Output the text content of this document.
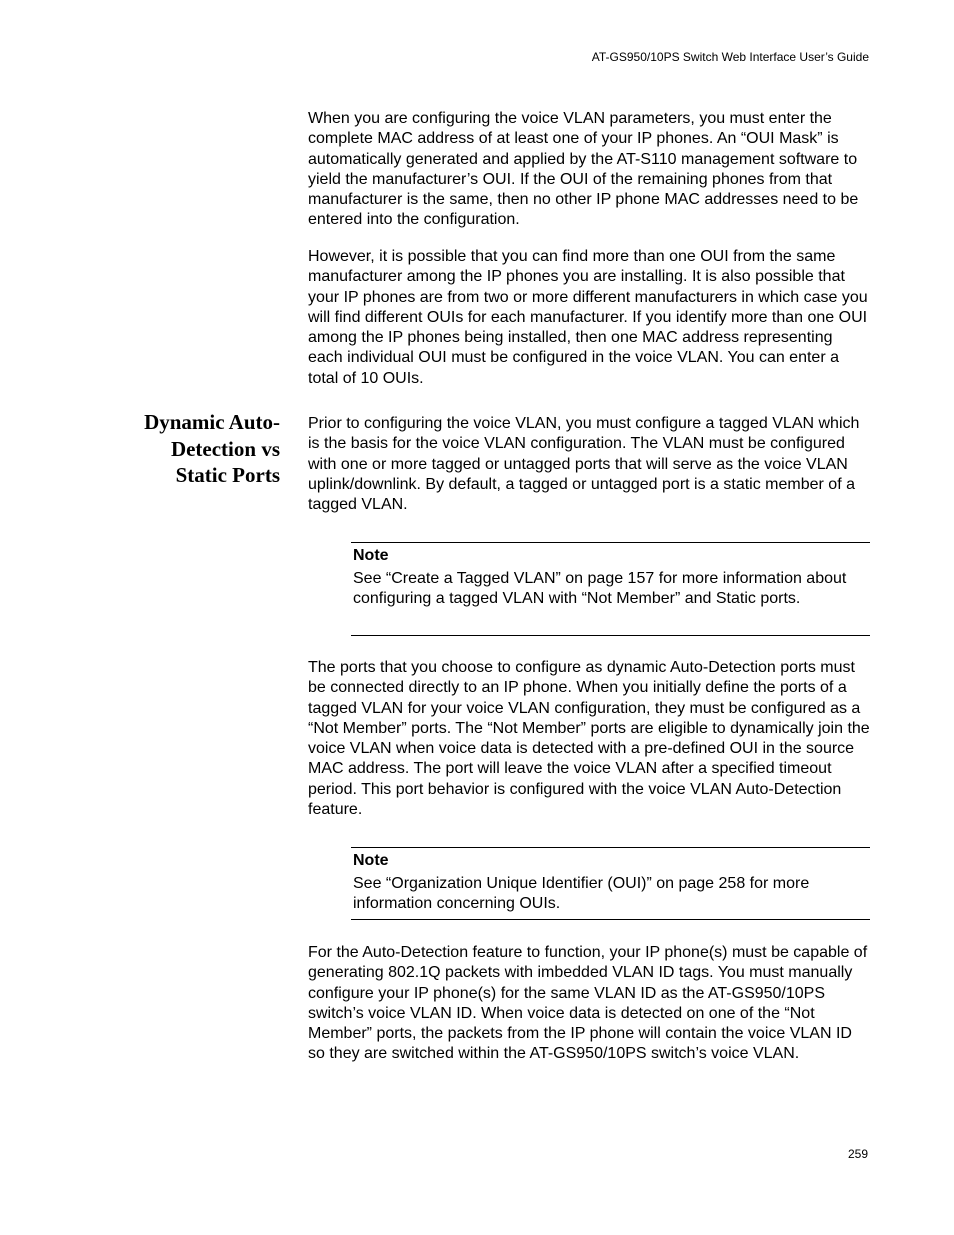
AT-GS950/10PS Switch Web Interface User’s Guide

When you are configuring the voice VLAN parameters, you must enter the complete MAC address of at least one of your IP phones. An “OUI Mask” is automatically generated and applied by the AT-S110 management software to yield the manufacturer’s OUI. If the OUI of the remaining phones from that manufacturer is the same, then no other IP phone MAC addresses need to be entered into the configuration.

However, it is possible that you can find more than one OUI from the same manufacturer among the IP phones you are installing. It is also possible that your IP phones are from two or more different manufacturers in which case you will find different OUIs for each manufacturer. If you identify more than one OUI among the IP phones being installed, then one MAC address representing each individual OUI must be configured in the voice VLAN. You can enter a total of 10 OUIs.

Dynamic Auto-
Detection vs
Static Ports

Prior to configuring the voice VLAN, you must configure a tagged VLAN which is the basis for the voice VLAN configuration. The VLAN must be configured with one or more tagged or untagged ports that will serve as the voice VLAN uplink/downlink. By default, a tagged or untagged port is a static member of a tagged VLAN.

Note

See “Create a Tagged VLAN” on page 157 for more information about configuring a tagged VLAN with “Not Member” and Static ports.

The ports that you choose to configure as dynamic Auto-Detection ports must be connected directly to an IP phone. When you initially define the ports of a tagged VLAN for your voice VLAN configuration, they must be configured as a “Not Member” ports. The “Not Member” ports are eligible to dynamically join the voice VLAN when voice data is detected with a pre-defined OUI in the source MAC address. The port will leave the voice VLAN after a specified timeout period. This port behavior is configured with the voice VLAN Auto-Detection feature.

Note

See “Organization Unique Identifier (OUI)” on page 258 for more information concerning OUIs.

For the Auto-Detection feature to function, your IP phone(s) must be capable of generating 802.1Q packets with imbedded VLAN ID tags. You must manually configure your IP phone(s) for the same VLAN ID as the AT-GS950/10PS switch’s voice VLAN ID. When voice data is detected on one of the “Not Member” ports, the packets from the IP phone will contain the voice VLAN ID so they are switched within the AT-GS950/10PS switch’s voice VLAN.

259
